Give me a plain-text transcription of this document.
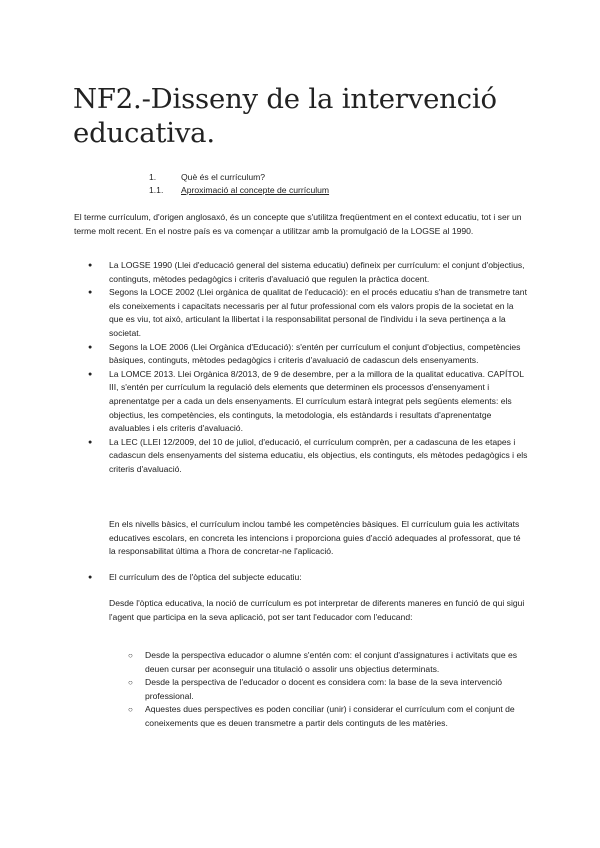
NF2.-Disseny de la intervenció educativa.
1.	Què és el currículum?
1.1. Aproximació al concepte de currículum

El terme currículum, d'origen anglosaxó, és un concepte que s'utilitza freqüentment en el context educatiu, tot i ser un terme molt recent. En el nostre país es va començar a utilitzar amb la promulgació de la LOGSE al 1990.

● La LOGSE 1990 (Llei d'educació general del sistema educatiu) defineix per currículum: el conjunt d'objectius, continguts, mètodes pedagògics i criteris d'avaluació que regulen la pràctica docent.
● Segons la LOCE 2002 (Llei orgànica de qualitat de l'educació): en el procés educatiu s'han de transmetre tant els coneixements i capacitats necessaris per al futur professional com els valors propis de la societat en la que es viu, tot això, articulant la llibertat i la responsabilitat personal de l'individu i la seva pertinença a la societat.
● Segons la LOE 2006 (Llei Orgànica d'Educació): s'entén per currículum el conjunt d'objectius, competències bàsiques, continguts, mètodes pedagògics i criteris d'avaluació de cadascun dels ensenyaments.
● La LOMCE 2013. Llei Orgànica 8/2013, de 9 de desembre, per a la millora de la qualitat educativa. CAPÍTOL III, s'entén per currículum la regulació dels elements que determinen els processos d'ensenyament i aprenentatge per a cada un dels ensenyaments. El currículum estarà integrat pels següents elements: els objectius, les competències, els continguts, la metodologia, els estàndards i resultats d'aprenentatge avaluables i els criteris d'avaluació.
● La LEC (LLEI 12/2009, del 10 de juliol, d'educació, el currículum comprèn, per a cadascuna de les etapes i cadascun dels ensenyaments del sistema educatiu, els objectius, els continguts, els mètodes pedagògics i els criteris d'avaluació.

En els nivells bàsics, el currículum inclou també les competències bàsiques. El currículum guia les activitats educatives escolars, en concreta les intencions i proporciona guies d'acció adequades al professorat, que té la responsabilitat última a l'hora de concretar-ne l'aplicació.

● El currículum des de l'òptica del subjecte educatiu:

Desde l'òptica educativa, la noció de currículum es pot interpretar de diferents maneres en funció de qui sigui l'agent que participa en la seva aplicació, pot ser tant l'educador com l'educand:

○ Desde la perspectiva educador o alumne s'entén com: el conjunt d'assignatures i activitats que es deuen cursar per aconseguir una titulació o assolir uns objectius determinats.
○ Desde la perspectiva de l'educador o docent es considera com: la base de la seva intervenció professional.
○ Aquestes dues perspectives es poden conciliar (unir) i considerar el currículum com el conjunt de coneixements que es deuen transmetre a partir dels continguts de les matèries.
